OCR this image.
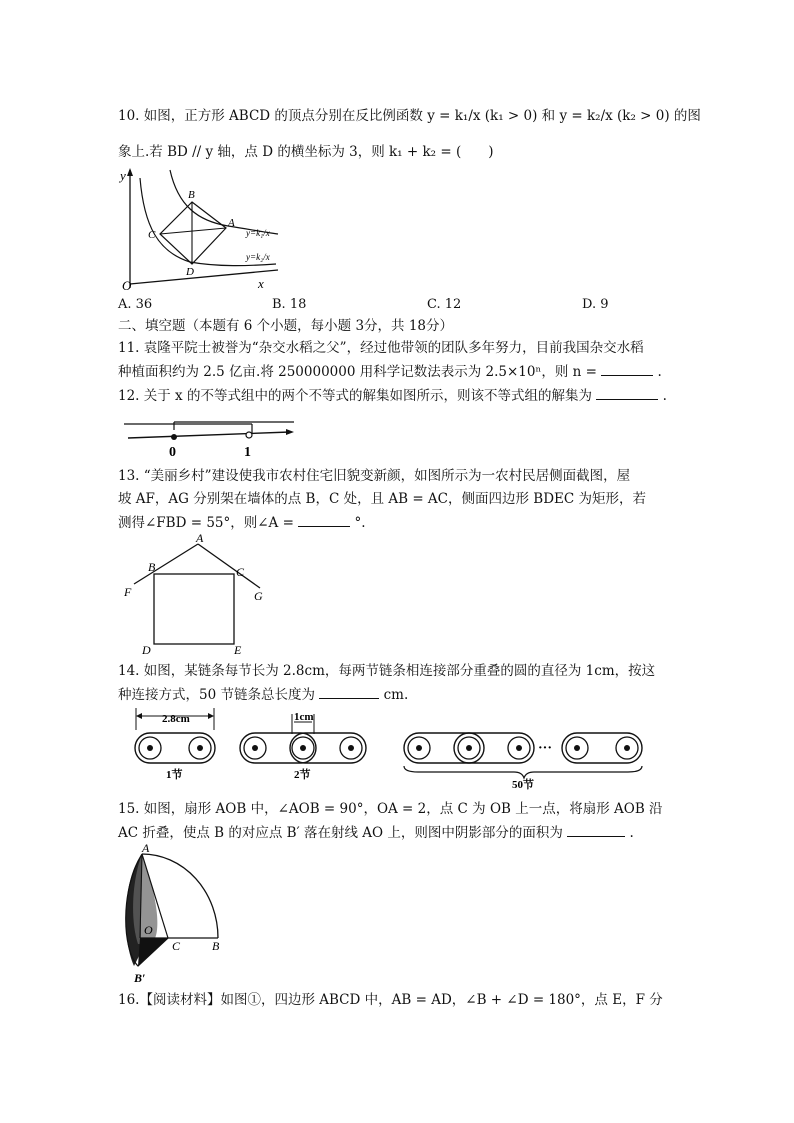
10. 如图，正方形 ABCD 的顶点分别在反比例函数 y = k₁/x (k₁ > 0) 和 y = k₂/x (k₂ > 0) 的图
象上.若 BD // y 轴，点 D 的横坐标为 3，则 k₁ + k₂ = (　　)
y
O	x
B
A
C
D
y=k₁/x
y=k₂/x
A. 36	B. 18	C. 12	D. 9
二、填空题（本题有 6 个小题，每小题 3分，共 18分）
11. 袁隆平院士被誉为“杂交水稻之父”，经过他带领的团队多年努力，目前我国杂交水稻
种植面积约为 2.5 亿亩.将 250000000 用科学记数法表示为 2.5×10ⁿ，则 n =	.
12. 关于 x 的不等式组中的两个不等式的解集如图所示，则该不等式组的解集为	.
0	1
13. “美丽乡村”建设使我市农村住宅旧貌变新颜，如图所示为一农村民居侧面截图，屋
坡 AF，AG 分别架在墙体的点 B，C 处，且 AB = AC，侧面四边形 BDEC 为矩形，若
测得∠FBD = 55°，则∠A =	°.
A
B	C
F	G
D	E
14. 如图，某链条每节长为 2.8cm，每两节链条相连接部分重叠的圆的直径为 1cm，按这
种连接方式，50 节链条总长度为	cm.
2.8cm
1节
1cm
2节
···
50节
15. 如图，扇形 AOB 中，∠AOB = 90°，OA = 2，点 C 为 OB 上一点，将扇形 AOB 沿
AC 折叠，使点 B 的对应点 B′ 落在射线 AO 上，则图中阴影部分的面积为	.
A
O
C	B
B′
16.【阅读材料】如图①，四边形 ABCD 中，AB = AD，∠B + ∠D = 180°，点 E，F 分
